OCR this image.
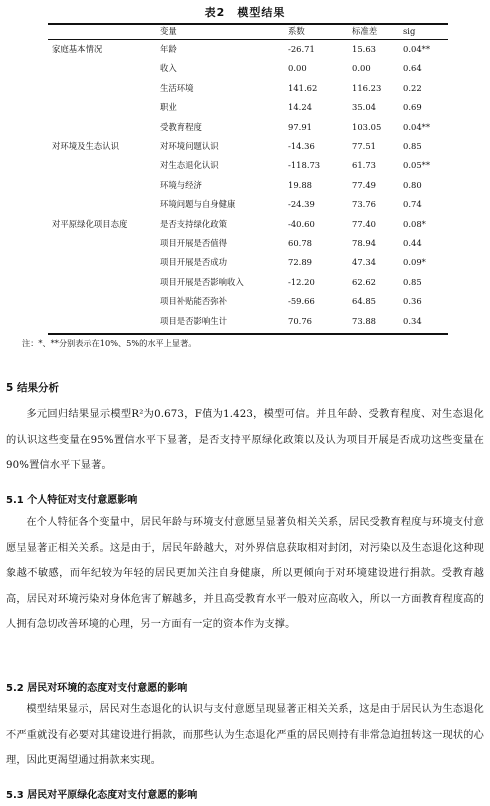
表2　模型结果
变量	系数	标准差	sig
家庭基本情况	年龄	-26.71	15.63	0.04**
收入	0.00	0.00	0.64
生活环境	141.62	116.23	0.22
职业	14.24	35.04	0.69
受教育程度	97.91	103.05	0.04**
对环境及生态认识	对环境问题认识	-14.36	77.51	0.85
对生态退化认识	-118.73	61.73	0.05**
环境与经济	19.88	77.49	0.80
环境问题与自身健康	-24.39	73.76	0.74
对平原绿化项目态度	是否支持绿化政策	-40.60	77.40	0.08*
项目开展是否值得	60.78	78.94	0.44
项目开展是否成功	72.89	47.34	0.09*
项目开展是否影响收入	-12.20	62.62	0.85
项目补贴能否弥补	-59.66	64.85	0.36
项目是否影响生计	70.76	73.88	0.34
注：*、**分别表示在10%、5%的水平上显著。
5 结果分析
多元回归结果显示模型R²为0.673，F值为1.423，模型可信。并且年龄、受教育程度、对生态退化的认识这些变量在95%置信水平下显著，是否支持平原绿化政策以及认为项目开展是否成功这些变量在90%置信水平下显著。
5.1 个人特征对支付意愿影响
在个人特征各个变量中，居民年龄与环境支付意愿呈显著负相关关系，居民受教育程度与环境支付意愿呈显著正相关关系。这是由于，居民年龄越大，对外界信息获取相对封闭，对污染以及生态退化这种现象越不敏感，而年纪较为年轻的居民更加关注自身健康，所以更倾向于对环境建设进行捐款。受教育越高，居民对环境污染对身体危害了解越多，并且高受教育水平一般对应高收入，所以一方面教育程度高的人拥有急切改善环境的心理，另一方面有一定的资本作为支撑。
5.2 居民对环境的态度对支付意愿的影响
模型结果显示，居民对生态退化的认识与支付意愿呈现显著正相关关系，这是由于居民认为生态退化不严重就没有必要对其建设进行捐款，而那些认为生态退化严重的居民则持有非常急迫扭转这一现状的心理，因此更渴望通过捐款来实现。
5.3 居民对平原绿化态度对支付意愿的影响
